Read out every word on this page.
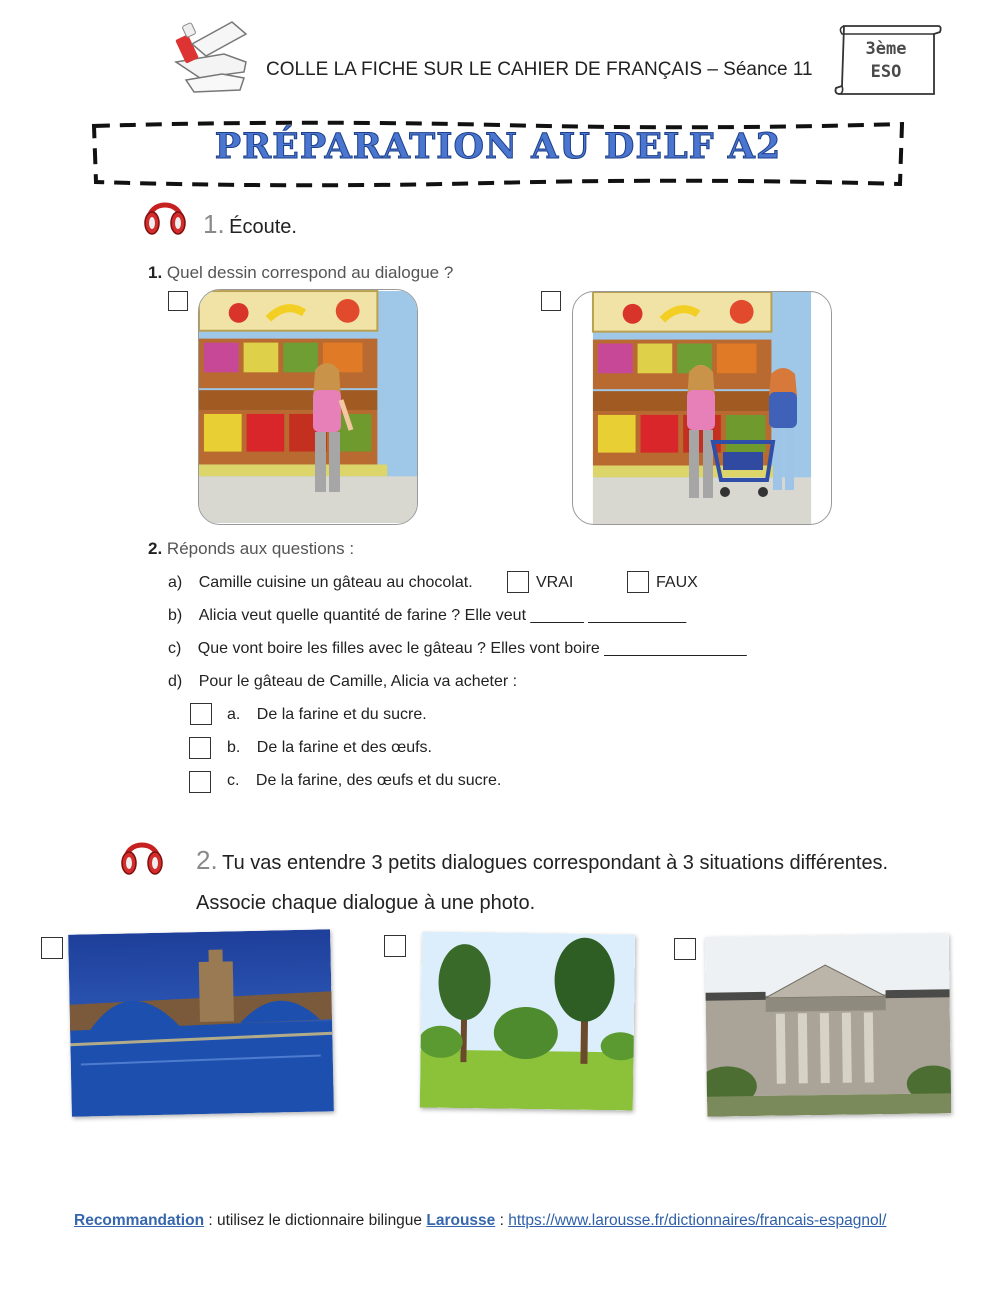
COLLE LA FICHE SUR LE CAHIER DE FRANÇAIS – Séance 11
3ème
ESO
PRÉPARATION AU DELF A2
1. Écoute.
1. Quel dessin correspond au dialogue ?
2. Réponds aux questions :
a) Camille cuisine un gâteau au chocolat.	VRAI	FAUX
b) Alicia veut quelle quantité de farine ? Elle veut ______ ___________
c) Que vont boire les filles avec le gâteau ? Elles vont boire ________________
d) Pour le gâteau de Camille, Alicia va acheter :
a. De la farine et du sucre.
b. De la farine et des œufs.
c. De la farine, des œufs et du sucre.
2. Tu vas entendre 3 petits dialogues correspondant à 3 situations différentes.
Associe chaque dialogue à une photo.
Recommandation : utilisez le dictionnaire bilingue Larousse : https://www.larousse.fr/dictionnaires/francais-espagnol/
